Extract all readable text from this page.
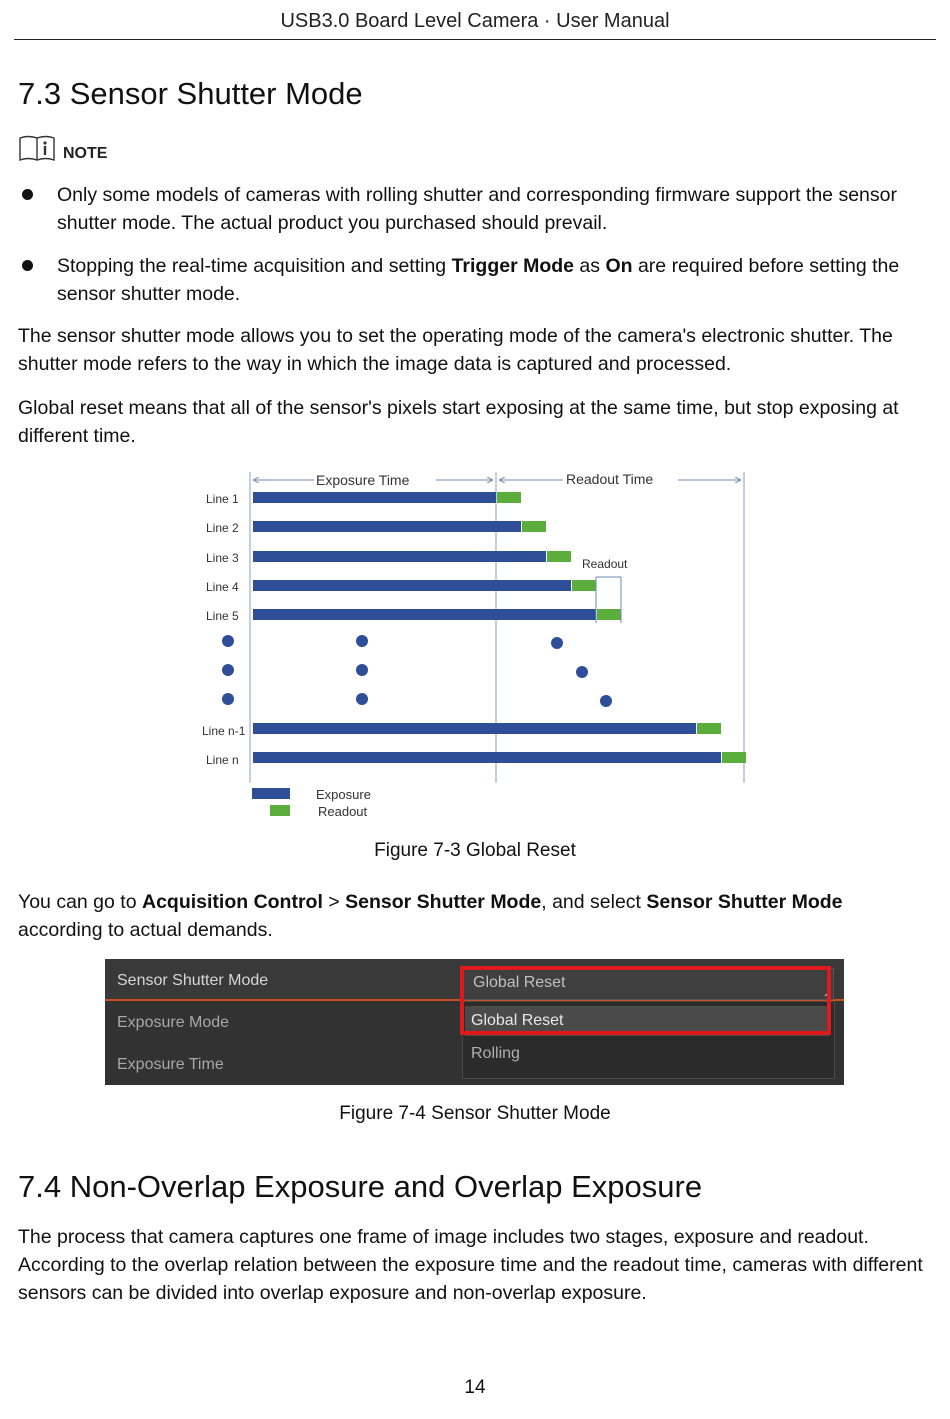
USB3.0 Board Level Camera · User Manual
7.3 Sensor Shutter Mode
NOTE
Only some models of cameras with rolling shutter and corresponding firmware support the sensor shutter mode. The actual product you purchased should prevail.
Stopping the real-time acquisition and setting Trigger Mode as On are required before setting the sensor shutter mode.
The sensor shutter mode allows you to set the operating mode of the camera's electronic shutter. The shutter mode refers to the way in which the image data is captured and processed.
Global reset means that all of the sensor's pixels start exposing at the same time, but stop exposing at different time.
Exposure Time	Readout Time
Line 1
Line 2
Line 3
Line 4
Line 5
Line n-1
Line n
Readout
Exposure
Readout
Figure 7-3 Global Reset
You can go to Acquisition Control > Sensor Shutter Mode, and select Sensor Shutter Mode according to actual demands.
Sensor Shutter Mode
Exposure Mode
Exposure Time
Global Reset
Global Reset
Rolling
Figure 7-4 Sensor Shutter Mode
7.4 Non-Overlap Exposure and Overlap Exposure
The process that camera captures one frame of image includes two stages, exposure and readout. According to the overlap relation between the exposure time and the readout time, cameras with different sensors can be divided into overlap exposure and non-overlap exposure.
14
